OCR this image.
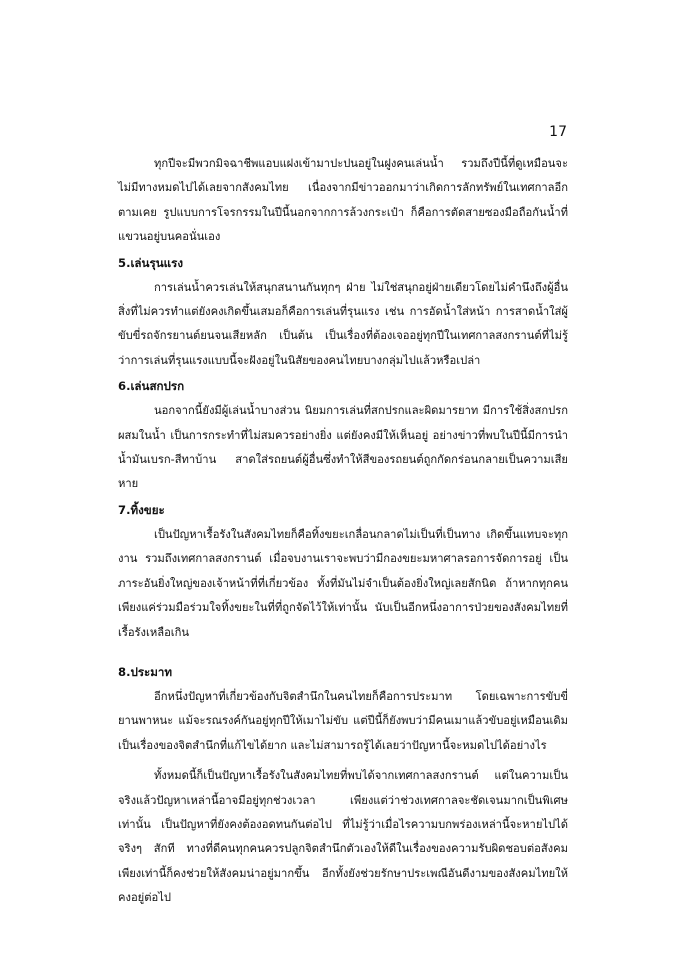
17

ทุกปีจะมีพวกมิจฉาชีพแอบแฝงเข้ามาปะปนอยู่ในฝูงคนเล่นน้ำ รวมถึงปีนี้ที่ดูเหมือนจะไม่มีทางหมดไปได้เลยจากสังคมไทย เนื่องจากมีข่าวออกมาว่าเกิดการลักทรัพย์ในเทศกาลอีกตามเคย รูปแบบการโจรกรรมในปีนี้นอกจากการล้วงกระเป๋า ก็คือการตัดสายซองมือถือกันน้ำที่แขวนอยู่บนคอนั่นเอง

5.เล่นรุนแรง

การเล่นน้ำควรเล่นให้สนุกสนานกันทุกๆ ฝ่าย ไม่ใช่สนุกอยู่ฝ่ายเดียวโดยไม่คำนึงถึงผู้อื่น สิ่งที่ไม่ควรทำแต่ยังคงเกิดขึ้นเสมอก็คือการเล่นที่รุนแรง เช่น การอัดน้ำใส่หน้า การสาดน้ำใส่ผู้ขับขี่รถจักรยานต์ยนจนเสียหลัก เป็นต้น เป็นเรื่องที่ต้องเจออยู่ทุกปีในเทศกาลสงกรานต์ที่ไม่รู้ว่าการเล่นที่รุนแรงแบบนี้จะฝังอยู่ในนิสัยของคนไทยบางกลุ่มไปแล้วหรือเปล่า

6.เล่นสกปรก

นอกจากนี้ยังมีผู้เล่นน้ำบางส่วน นิยมการเล่นที่สกปรกและผิดมารยาท มีการใช้สิ่งสกปรกผสมในน้ำ เป็นการกระทำที่ไม่สมควรอย่างยิ่ง แต่ยังคงมีให้เห็นอยู่ อย่างข่าวที่พบในปีนี้มีการนำน้ำมันเบรก-สีทาบ้าน สาดใส่รถยนต์ผู้อื่นซึ่งทำให้สีของรถยนต์ถูกกัดกร่อนกลายเป็นความเสียหาย

7.ทิ้งขยะ

เป็นปัญหาเรื้อรังในสังคมไทยก็คือทิ้งขยะเกลื่อนกลาดไม่เป็นที่เป็นทาง เกิดขึ้นแทบจะทุกงาน รวมถึงเทศกาลสงกรานต์ เมื่อจบงานเราจะพบว่ามีกองขยะมหาศาลรอการจัดการอยู่ เป็นภาระอันยิ่งใหญ่ของเจ้าหน้าที่ที่เกี่ยวข้อง ทั้งที่มันไม่จำเป็นต้องยิ่งใหญ่เลยสักนิด ถ้าหากทุกคนเพียงแค่ร่วมมือร่วมใจทิ้งขยะในที่ที่ถูกจัดไว้ให้เท่านั้น นับเป็นอีกหนึ่งอาการป่วยของสังคมไทยที่เรื้อรังเหลือเกิน

8.ประมาท

อีกหนึ่งปัญหาที่เกี่ยวข้องกับจิตสำนึกในคนไทยก็คือการประมาท โดยเฉพาะการขับขี่ยานพาหนะ แม้จะรณรงค์กันอยู่ทุกปีให้เมาไม่ขับ แต่ปีนี้ก็ยังพบว่ามีคนเมาแล้วขับอยู่เหมือนเดิม เป็นเรื่องของจิตสำนึกที่แก้ไขได้ยาก และไม่สามารถรู้ได้เลยว่าปัญหานี้จะหมดไปได้อย่างไร

ทั้งหมดนี้ก็เป็นปัญหาเรื้อรังในสังคมไทยที่พบได้จากเทศกาลสงกรานต์ แต่ในความเป็นจริงแล้วปัญหาเหล่านี้อาจมีอยู่ทุกช่วงเวลา เพียงแต่ว่าช่วงเทศกาลจะชัดเจนมากเป็นพิเศษเท่านั้น เป็นปัญหาที่ยังคงต้องอดทนกันต่อไป ที่ไม่รู้ว่าเมื่อไรความบกพร่องเหล่านี้จะหายไปได้จริงๆ สักที ทางที่ดีคนทุกคนควรปลูกจิตสำนึกตัวเองให้ดีในเรื่องของความรับผิดชอบต่อสังคม เพียงเท่านี้ก็คงช่วยให้สังคมน่าอยู่มากขึ้น อีกทั้งยังช่วยรักษาประเพณีอันดีงามของสังคมไทยให้คงอยู่ต่อไป
